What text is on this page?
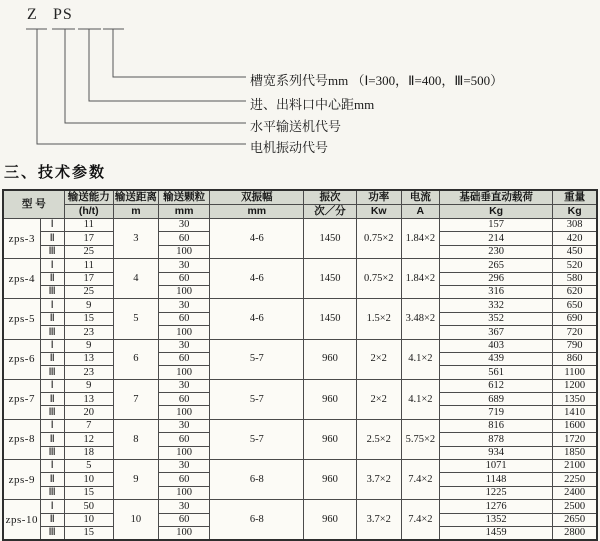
Z PS
槽宽系列代号mm （Ⅰ=300，Ⅱ=400，Ⅲ=500）
进、出料口中心距mm
水平输送机代号
电机振动代号
三、技术参数
型 号		输送能力	输送距离	输送颗粒	双振幅	振次	功率	电流	基础垂直动载荷	重量
		(h/t)	m	mm	mm	次／分	Kw	A	Kg	Kg
zps-3	Ⅰ	11	3	30	4-6	1450	0.75×2	1.84×2	157	308
	Ⅱ	17		60					214	420
	Ⅲ	25		100					230	450
zps-4	Ⅰ	11	4	30	4-6	1450	0.75×2	1.84×2	265	520
	Ⅱ	17		60					296	580
	Ⅲ	25		100					316	620
zps-5	Ⅰ	9	5	30	4-6	1450	1.5×2	3.48×2	332	650
	Ⅱ	15		60					352	690
	Ⅲ	23		100					367	720
zps-6	Ⅰ	9	6	30	5-7	960	2×2	4.1×2	403	790
	Ⅱ	13		60					439	860
	Ⅲ	23		100					561	1100
zps-7	Ⅰ	9	7	30	5-7	960	2×2	4.1×2	612	1200
	Ⅱ	13		60					689	1350
	Ⅲ	20		100					719	1410
zps-8	Ⅰ	7	8	30	5-7	960	2.5×2	5.75×2	816	1600
	Ⅱ	12		60					878	1720
	Ⅲ	18		100					934	1850
zps-9	Ⅰ	5	9	30	6-8	960	3.7×2	7.4×2	1071	2100
	Ⅱ	10		60					1148	2250
	Ⅲ	15		100					1225	2400
zps-10	Ⅰ	50	10	30	6-8	960	3.7×2	7.4×2	1276	2500
	Ⅱ	10		60					1352	2650
	Ⅲ	15		100					1459	2800
